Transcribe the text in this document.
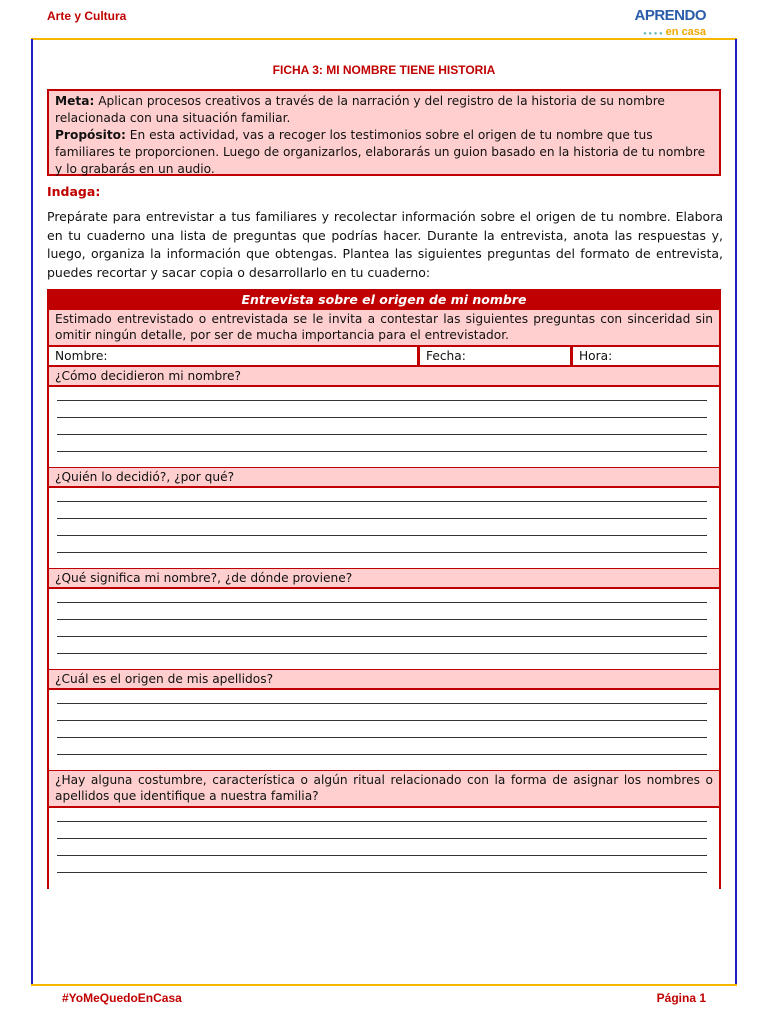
Arte y Cultura	APRENDO
● ● ● ● en casa
FICHA 3: MI NOMBRE TIENE HISTORIA
Meta: Aplican procesos creativos a través de la narración y del registro de la historia de su nombre relacionada con una situación familiar.
Propósito: En esta actividad, vas a recoger los testimonios sobre el origen de tu nombre que tus familiares te proporcionen. Luego de organizarlos, elaborarás un guion basado en la historia de tu nombre y lo grabarás en un audio.
Indaga:
Prepárate para entrevistar a tus familiares y recolectar información sobre el origen de tu nombre. Elabora en tu cuaderno una lista de preguntas que podrías hacer. Durante la entrevista, anota las respuestas y, luego, organiza la información que obtengas. Plantea las siguientes preguntas del formato de entrevista, puedes recortar y sacar copia o desarrollarlo en tu cuaderno:
Entrevista sobre el origen de mi nombre
Estimado entrevistado o entrevistada se le invita a contestar las siguientes preguntas con sinceridad sin omitir ningún detalle, por ser de mucha importancia para el entrevistador.
Nombre:	Fecha:	Hora:
¿Cómo decidieron mi nombre?
¿Quién lo decidió?, ¿por qué?
¿Qué significa mi nombre?, ¿de dónde proviene?
¿Cuál es el origen de mis apellidos?
¿Hay alguna costumbre, característica o algún ritual relacionado con la forma de asignar los nombres o apellidos que identifique a nuestra familia?
#YoMeQuedoEnCasa	Página 1
